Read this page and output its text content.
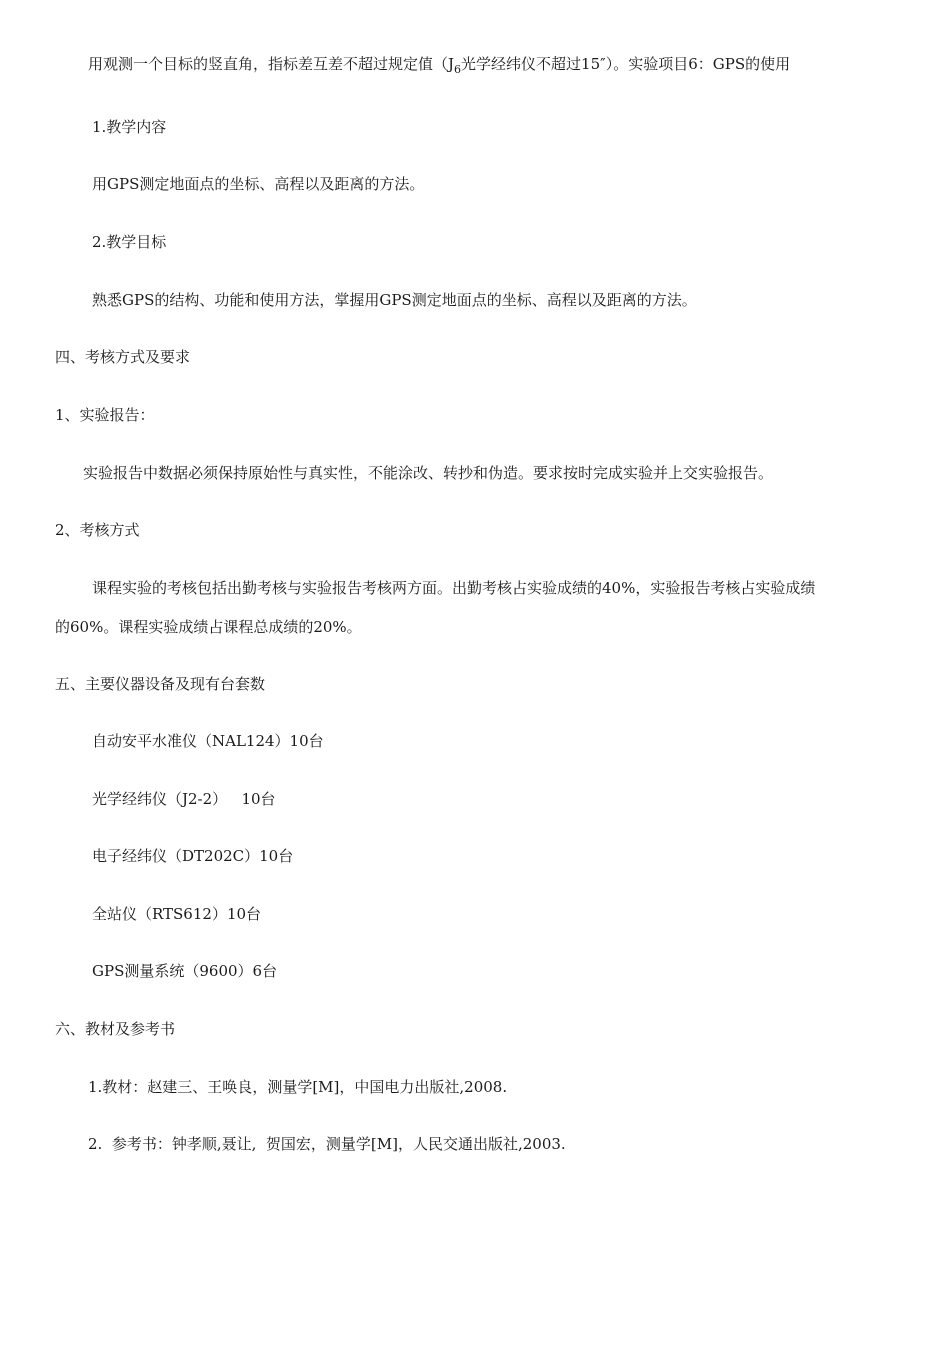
用观测一个目标的竖直角，指标差互差不超过规定值（$J_6$光学经纬仪不超过15″）。实验项目6：GPS的使用
1.教学内容
用GPS测定地面点的坐标、高程以及距离的方法。
2.教学目标
熟悉GPS的结构、功能和使用方法，掌握用GPS测定地面点的坐标、高程以及距离的方法。
四、考核方式及要求
1、实验报告：
实验报告中数据必须保持原始性与真实性，不能涂改、转抄和伪造。要求按时完成实验并上交实验报告。
2、考核方式
课程实验的考核包括出勤考核与实验报告考核两方面。出勤考核占实验成绩的40%，实验报告考核占实验成绩
的60%。课程实验成绩占课程总成绩的20%。
五、主要仪器设备及现有台套数
自动安平水准仪（NAL124）10台
光学经纬仪（J2-2）   10台
电子经纬仪（DT202C）10台
全站仪（RTS612）10台
GPS测量系统（9600）6台
六、教材及参考书
1.教材：赵建三、王唤良，测量学[M]，中国电力出版社,2008.
2.  参考书：钟孝顺,聂让,  贺国宏，测量学[M]，人民交通出版社,2003.
